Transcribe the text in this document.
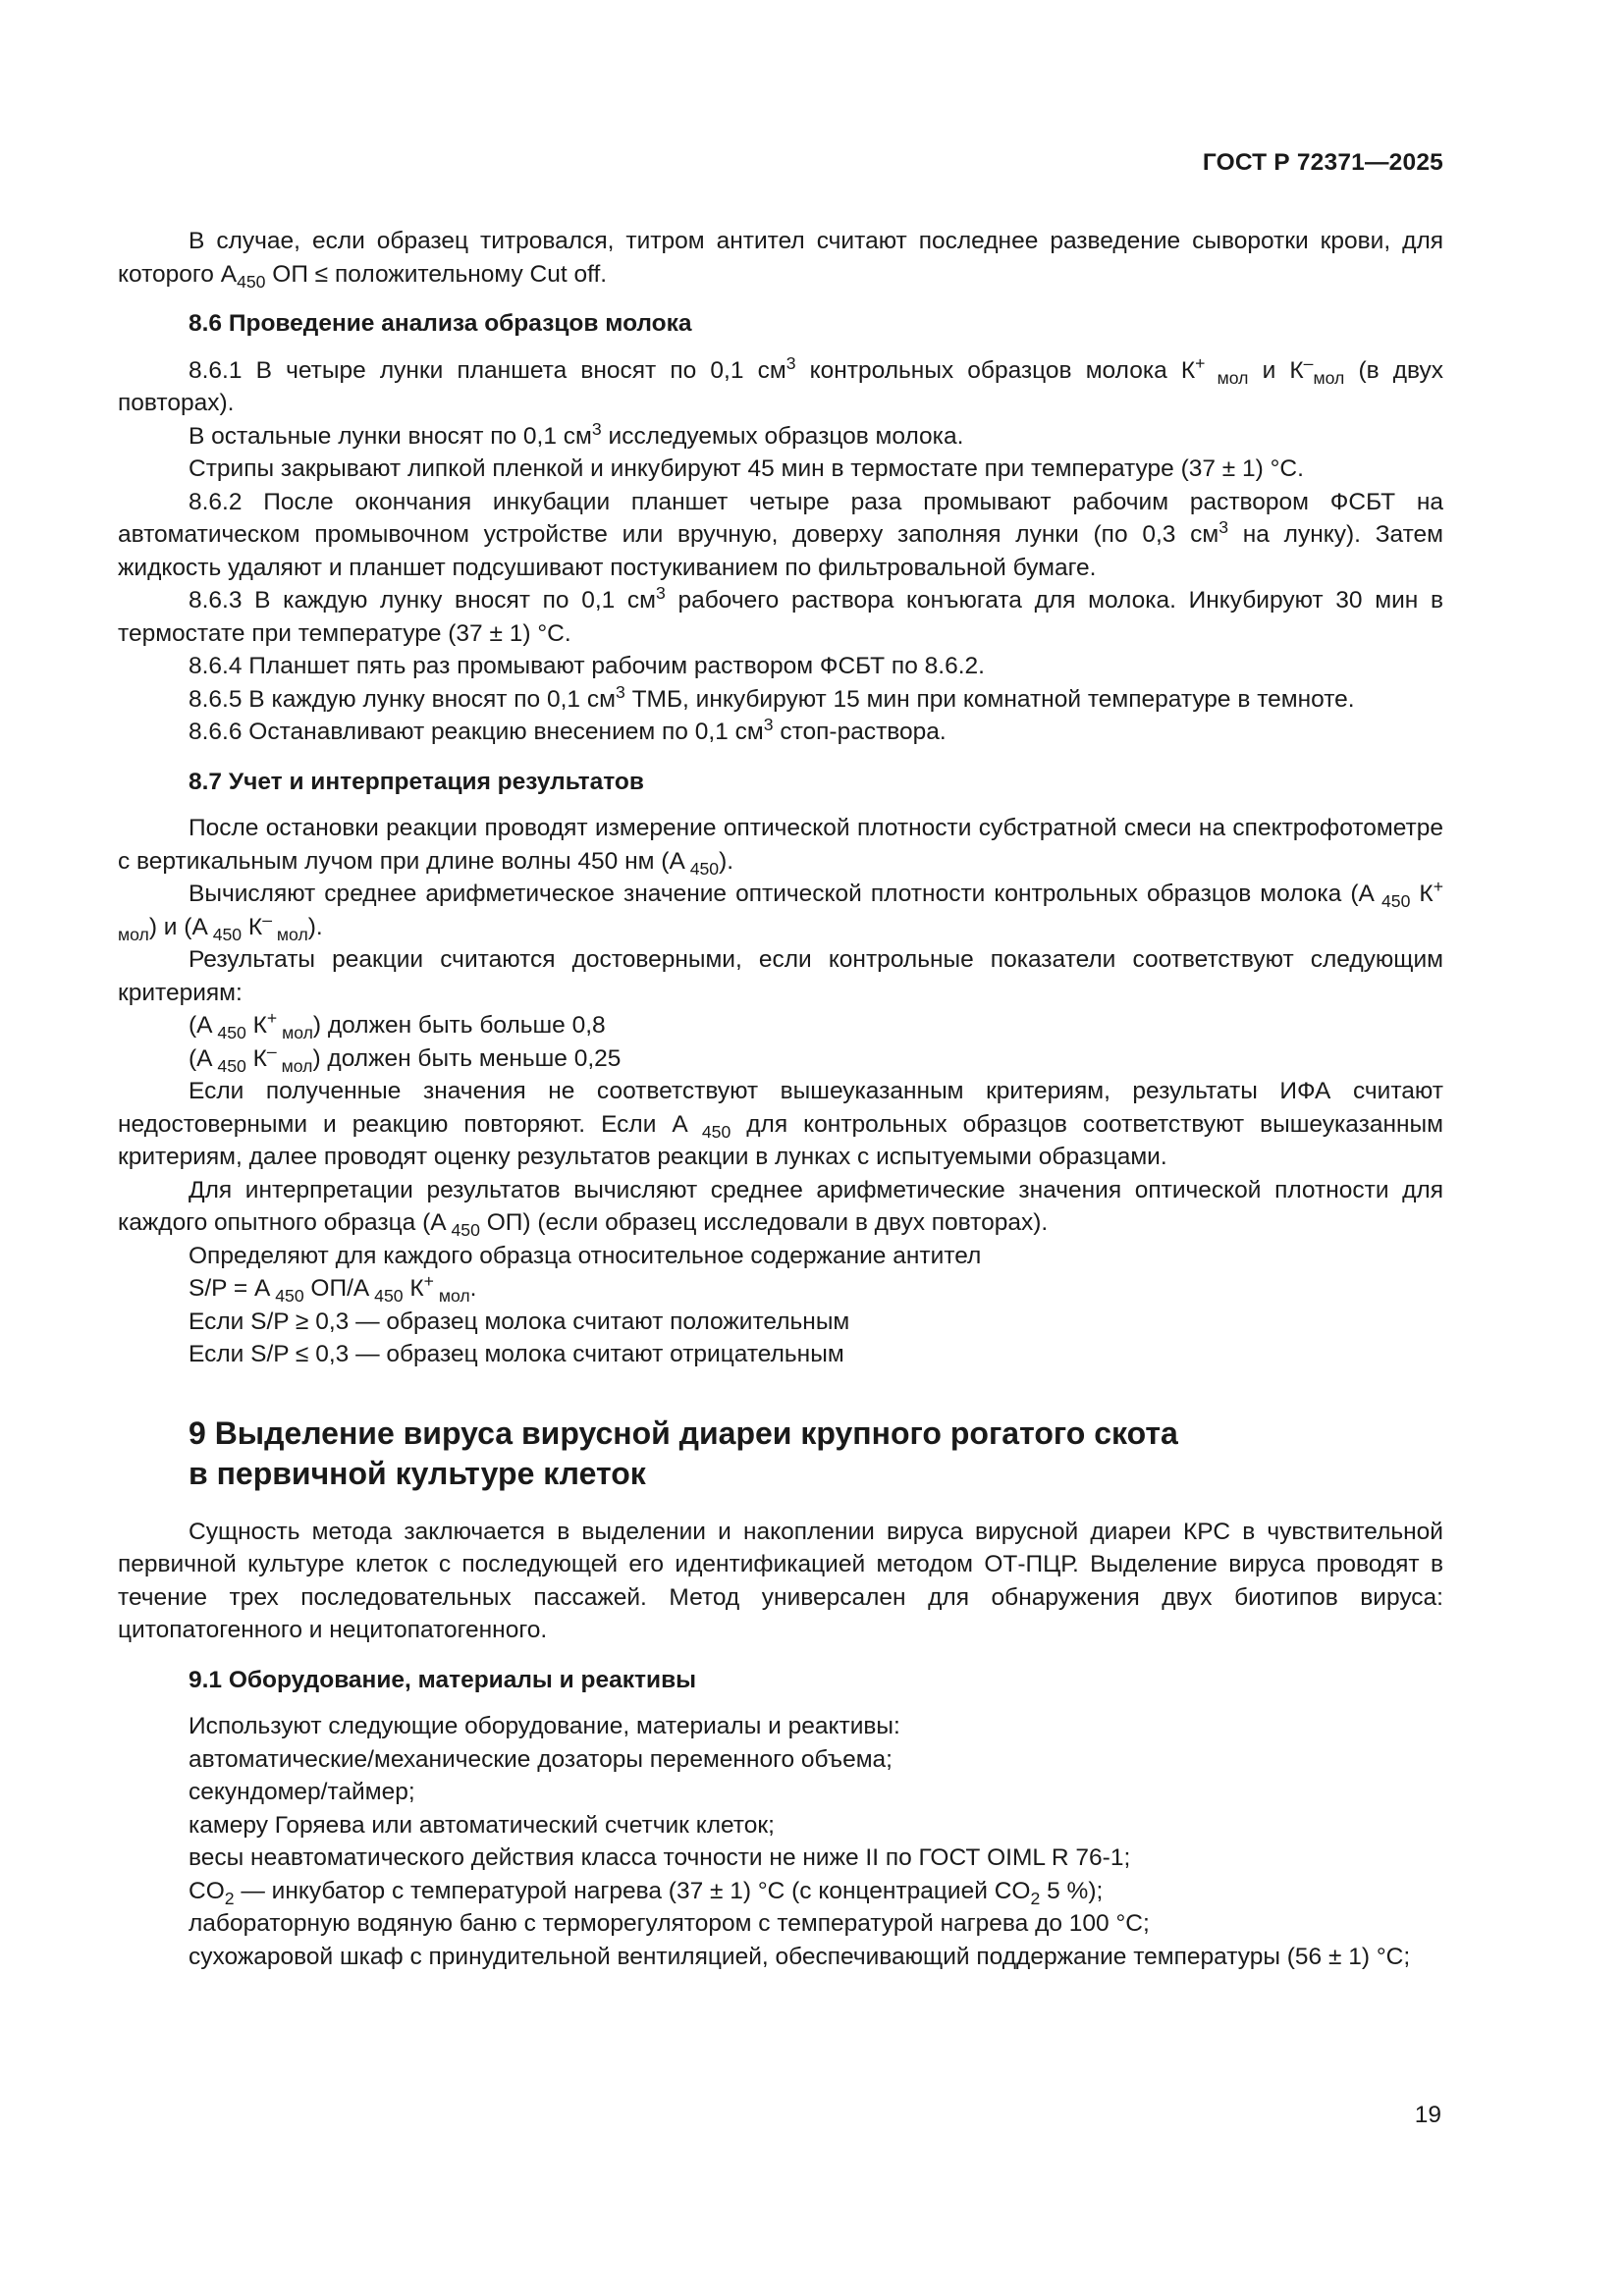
ГОСТ Р 72371—2025

В случае, если образец титровался, титром антител считают последнее разведение сыворотки крови, для которого $А_{450}$ ОП ≤ положительному Cut off.

8.6 Проведение анализа образцов молока

8.6.1 В четыре лунки планшета вносят по 0,1 $см^3$ контрольных образцов молока К+ $_{мол}$ и $К^-_{мол}$ (в двух повторах).

В остальные лунки вносят по 0,1 $см^3$ исследуемых образцов молока.

Стрипы закрывают липкой пленкой и инкубируют 45 мин в термостате при температуре (37 ± 1) °С.

8.6.2 После окончания инкубации планшет четыре раза промывают рабочим раствором ФСБТ на автоматическом промывочном устройстве или вручную, доверху заполняя лунки (по 0,3 $см^3$ на лунку). Затем жидкость удаляют и планшет подсушивают постукиванием по фильтровальной бумаге.

8.6.3 В каждую лунку вносят по 0,1 $см^3$ рабочего раствора конъюгата для молока. Инкубируют 30 мин в термостате при температуре (37 ± 1) °С.

8.6.4 Планшет пять раз промывают рабочим раствором ФСБТ по 8.6.2.

8.6.5 В каждую лунку вносят по 0,1 $см^3$ ТМБ, инкубируют 15 мин при комнатной температуре в темноте.

8.6.6 Останавливают реакцию внесением по 0,1 $см^3$ стоп-раствора.

8.7 Учет и интерпретация результатов

После остановки реакции проводят измерение оптической плотности субстратной смеси на спектрофотометре с вертикальным лучом при длине волны 450 нм (А $_{450}$).

Вычисляют среднее арифметическое значение оптической плотности контрольных образцов молока (А $_{450}$ К+ $_{мол}$) и (А $_{450}$ К– $_{мол}$).

Результаты реакции считаются достоверными, если контрольные показатели соответствуют следующим критериям:

(А $_{450}$ К+ $_{мол}$) должен быть больше 0,8

(А $_{450}$ К– $_{мол}$) должен быть меньше 0,25

Если полученные значения не соответствуют вышеуказанным критериям, результаты ИФА считают недостоверными и реакцию повторяют. Если А $_{450}$ для контрольных образцов соответствуют вышеуказанным критериям, далее проводят оценку результатов реакции в лунках с испытуемыми образцами.

Для интерпретации результатов вычисляют среднее арифметические значения оптической плотности для каждого опытного образца (А $_{450}$ ОП) (если образец исследовали в двух повторах).

Определяют для каждого образца относительное содержание антител

S/P = А $_{450}$ ОП/А $_{450}$ К+ $_{мол}$.

Если S/P ≥ 0,3 — образец молока считают положительным

Если S/P ≤ 0,3 — образец молока считают отрицательным

9 Выделение вируса вирусной диареи крупного рогатого скота
в первичной культуре клеток

Сущность метода заключается в выделении и накоплении вируса вирусной диареи КРС в чувствительной первичной культуре клеток с последующей его идентификацией методом ОТ-ПЦР. Выделение вируса проводят в течение трех последовательных пассажей. Метод универсален для обнаружения двух биотипов вируса: цитопатогенного и нецитопатогенного.

9.1 Оборудование, материалы и реактивы

Используют следующие оборудование, материалы и реактивы:

автоматические/механические дозаторы переменного объема;

секундомер/таймер;

камеру Горяева или автоматический счетчик клеток;

весы неавтоматического действия класса точности не ниже II по ГОСТ OIML R 76-1;

$CO_2$ — инкубатор с температурой нагрева (37 ± 1) °С (с концентрацией $CO_2$ 5 %);

лабораторную водяную баню с терморегулятором с температурой нагрева до 100 °С;

сухожаровой шкаф с принудительной вентиляцией, обеспечивающий поддержание температуры (56 ± 1) °С;

19
